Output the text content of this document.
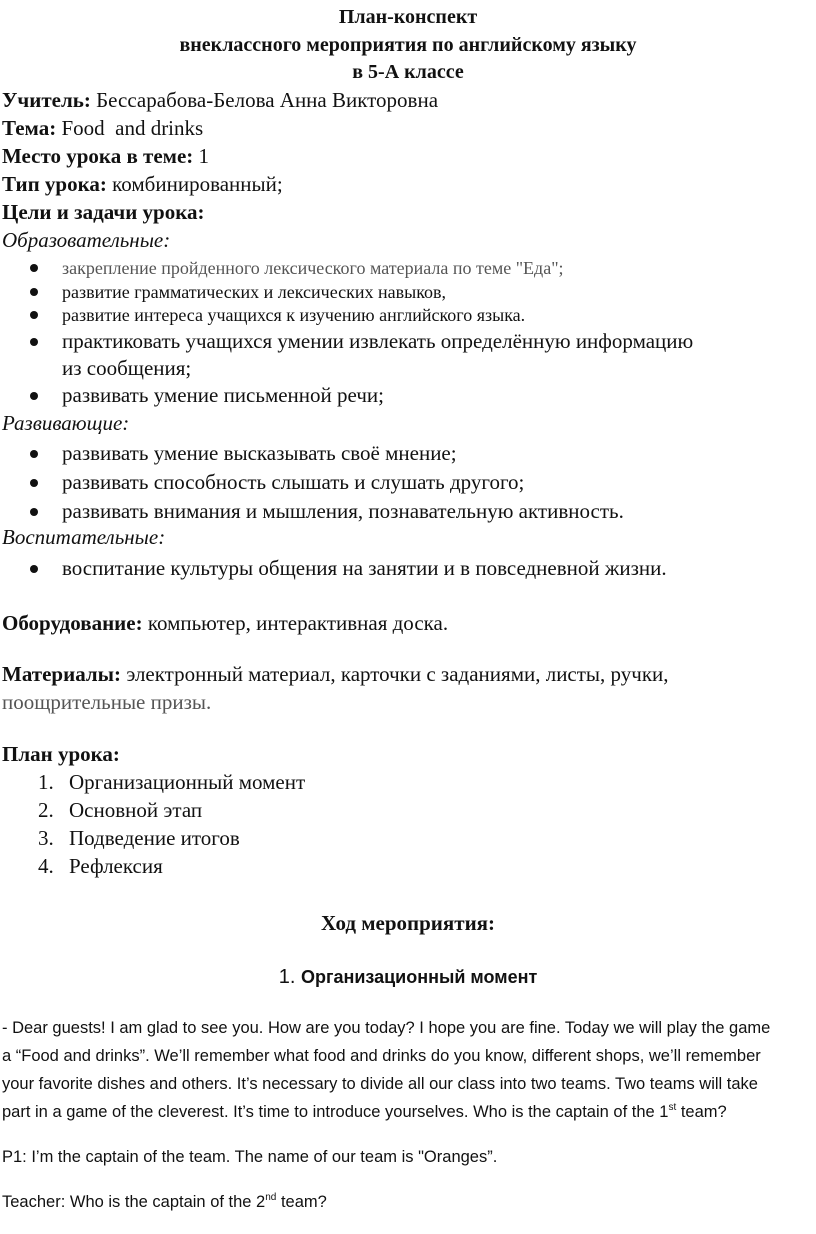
План-конспект
внеклассного мероприятия по английскому языку
в 5-А классе
Учитель: Бессарабова-Белова Анна Викторовна
Тема: Food  and drinks
Место урока в теме: 1
Тип урока: комбинированный;
Цели и задачи урока:
Образовательные:
закрепление пройденного лексического материала по теме "Еда";
развитие грамматических и лексических навыков,
развитие интереса учащихся к изучению английского языка.
практиковать учащихся умении извлекать определённую информацию
из сообщения;
развивать умение письменной речи;
Развивающие:
развивать умение высказывать своё мнение;
развивать способность слышать и слушать другого;
развивать внимания и мышления, познавательную активность.
Воспитательные:
воспитание культуры общения на занятии и в повседневной жизни.
Оборудование: компьютер, интерактивная доска.
Материалы: электронный материал, карточки с заданиями, листы, ручки,
поощрительные призы.
План урока:
1. Организационный момент
2. Основной этап
3. Подведение итогов
4. Рефлексия
Ход мероприятия:
1. Организационный момент
- Dear guests! I am glad to see you. How are you today? I hope you are fine. Today we will play the game
a “Food and drinks”. We’ll remember what food and drinks do you know, different shops, we’ll remember
your favorite dishes and others. It’s necessary to divide all our class into two teams. Two teams will take
part in a game of the cleverest. It’s time to introduce yourselves. Who is the captain of the 1st team?
P1: I’m the captain of the team. The name of our team is "Oranges”.
Teacher: Who is the captain of the 2nd team?
